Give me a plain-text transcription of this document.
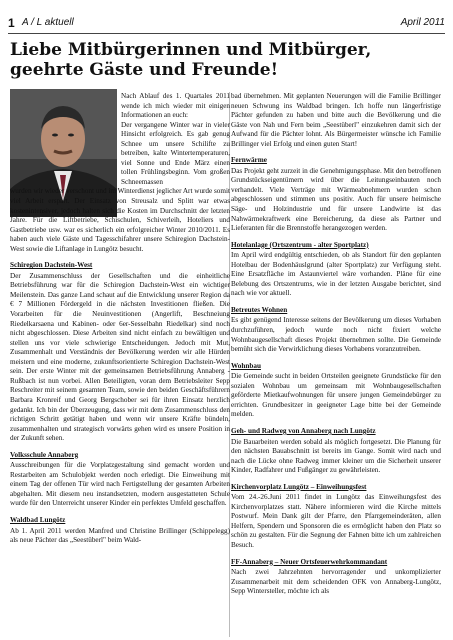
1 A / L aktuell	April 2011
Liebe Mitbürgerinnen und Mitbürger, geehrte Gäste und Freunde!

Nach Ablauf des 1. Quartales 2011 wende ich mich wieder mit einigen Informationen an euch:

Der vergangene Winter war in vieler Hinsicht erfolgreich. Es gab genug Schnee um unsere Schilifte zu betreiben, kalte Wintertemperaturen, viel Sonne und Ende März einen tollen Frühlingsbeginn. Vom großen Schneemassen

wurden wir wieder verschont und im Winterdienst jeglicher Art wurde somit viel Arbeit erspart. Der Einsatz von Streusalz und Splitt war etwas kostenintensiver, jedoch halten sich die Kosten im Durchschnitt der letzten Jahre. Für die Liftbetriebe, Schischulen, Schiverleih, Hoteliers und Gastbetriebe usw. war es sicherlich ein erfolgreicher Winter 2010/2011. Es haben auch viele Gäste und Tagesschifahrer unsere Schiregion Dachstein-West sowie die Liftanlage in Lungötz besucht.

Schiregion Dachstein-West

Der Zusammenschluss der Gesellschaften und die einheitliche Betriebsführung war für die Schiregion Dachstein-West ein wichtiger Meilenstein. Das ganze Land schaut auf die Entwicklung unserer Region da € 7 Millionen Fördergeld in die nächsten Investitionen fließen. Die Vorarbeiten für die Neuinvestitionen (Angerlift, Beschneiung Riedelkarsaena und Kabinen- oder 6er-Sesselbahn Riedelkar) sind noch nicht abgeschlossen. Diese Arbeiten sind nicht einfach zu bewältigen und stellen uns vor viele schwierige Entscheidungen. Jedoch mit Mut, Zusammenhalt und Verständnis der Bevölkerung werden wir alle Hürden meistern und eine moderne, zukunftsorientierte Schiregion Dachstein-West sein. Der erste Winter mit der gemeinsamen Betriebsführung Annaberg - Rußbach ist nun vorbei. Allen Beteiligten, voran dem Betriebsleiter Sepp Reschreiter mit seinem gesamten Team, sowie den beiden Geschäftsführern Barbara Kronreif und Georg Bergschober sei für ihren Einsatz herzlich gedankt. Ich bin der Überzeugung, dass wir mit dem Zusammenschluss den richtigen Schritt getätigt haben und wenn wir unsere Kräfte bündeln, zusammenhalten und strategisch vorwärts gehen wird es unsere Position in der Zukunft sehen.

Volksschule Annaberg

Ausschreibungen für die Vorplatzgestaltung sind gemacht worden und Restarbeiten am Schulobjekt werden noch erledigt. Die Einweihung mit einem Tag der offenen Tür wird nach Fertigstellung der gesamten Arbeiten abgehalten. Mit diesem neu instandsetzten, modern ausgestatteten Schule wurde für den Unterreicht unserer Kinder ein perfektes Umfeld geschaffen.

Waldbad Lungötz

Ab 1. April 2011 werden Manfred und Christine Brillinger (Schippelegg) als neue Pächter das „Seestüberl" beim Wald-

bad übernehmen. Mit geplanten Neuerungen will die Familie Brillinger neuen Schwung ins Waldbad bringen. Ich hoffe nun längerfristige Pächter gefunden zu haben und bitte auch die Bevölkerung und die Gäste von Nah und Fern beim „Seestüberl" einzukehren damit sich der Aufwand für die Pächter lohnt. Als Bürgermeister wünsche ich Familie Brillinger viel Erfolg und einen guten Start!

Fernwärme

Das Projekt geht zurzeit in die Genehmigungsphase. Mit den betroffenen Grundstückseigentümern wird über die Leitungseinbauten noch verhandelt. Viele Verträge mit Wärmeabnehmern wurden schon abgeschlossen und stimmen uns positiv. Auch für unsere heimische Säge- und Holzindustrie und für unsere Landwirte ist das Nahwärmekraftwerk eine Bereicherung, da diese als Partner und Lieferanten für die Brennstoffe herangezogen werden.

Hotelanlage (Ortszentrum - alter Sportplatz)

Im April wird endgültig entschieden, ob als Standort für den geplanten Hotelbau der Bodenhäuslgrund (alter Sportplatz) zur Verfügung steht. Eine Ersatzfläche im Astaunviertel wäre vorhanden. Pläne für eine Belebung des Ortszentrums, wie in der letzten Ausgabe berichtet, sind nach wie vor aktuell.

Betreutes Wohnen

Es gibt genügend Interesse seitens der Bevölkerung um dieses Vorhaben durchzuführen, jedoch wurde noch nicht fixiert welche Wohnbaugesellschaft dieses Projekt übernehmen sollte. Die Gemeinde bemüht sich die Verwirklichung dieses Vorhabens voranzutreiben.

Wohnbau

Die Gemeinde sucht in beiden Ortsteilen geeignete Grundstücke für den sozialen Wohnbau um gemeinsam mit Wohnbaugesellschaften geförderte Mietkaufwohnungen für unsere jungen Gemeindebürger zu errichten. Grundbesitzer in geeigneter Lage bitte bei der Gemeinde melden.

Geh- und Radweg von Annaberg nach Lungötz

Die Bauarbeiten werden sobald als möglich fortgesetzt. Die Planung für den nächsten Bauabschnitt ist bereits im Gange. Somit wird nach und nach die Lücke ohne Radweg immer kleiner um die Sicherheit unserer Kinder, Radfahrer und Fußgänger zu gewährleisten.

Kirchenvorplatz Lungötz – Einweihungsfest

Vom 24.-26.Juni 2011 findet in Lungötz das Einweihungsfest des Kirchenvorplatzes statt. Nähere informieren wird die Kirche mittels Postwurf. Mein Dank gilt der Pfarre, den Pfarrgemeinderäten, allen Helfern, Spendern und Sponsoren die es ermöglicht haben den Platz so schön zu gestalten. Für die Segnung der Fahnen bitte ich um zahlreichen Besuch.

FF-Annaberg – Neuer Ortsfeuerwehrkommandant

Nach zwei Jahrzehnten hervorragender und unkomplizierter Zusammenarbeit mit dem scheidenden OFK von Annaberg-Lungötz, Sepp Wintersteller, möchte ich als
